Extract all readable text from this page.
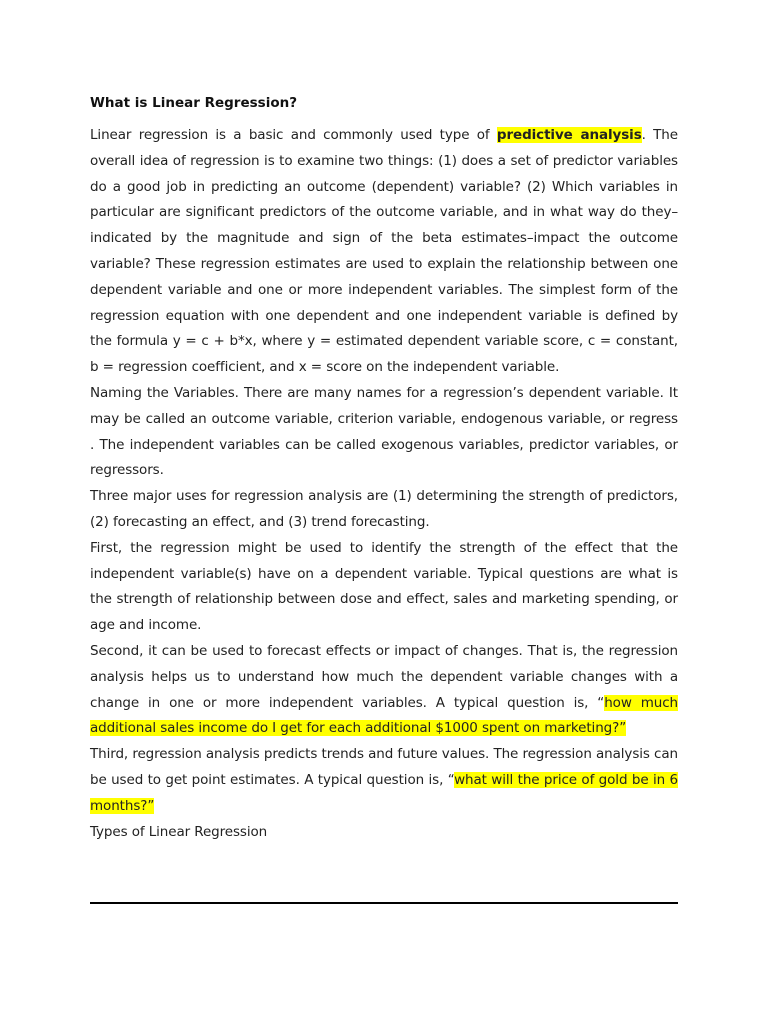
What is Linear Regression?

Linear regression is a basic and commonly used type of predictive analysis. The overall idea of regression is to examine two things: (1) does a set of predictor variables do a good job in predicting an outcome (dependent) variable? (2) Which variables in particular are significant predictors of the outcome variable, and in what way do they–indicated by the magnitude and sign of the beta estimates–impact the outcome variable? These regression estimates are used to explain the relationship between one dependent variable and one or more independent variables. The simplest form of the regression equation with one dependent and one independent variable is defined by the formula y = c + b*x, where y = estimated dependent variable score, c = constant, b = regression coefficient, and x = score on the independent variable.

Naming the Variables. There are many names for a regression’s dependent variable. It may be called an outcome variable, criterion variable, endogenous variable, or regress . The independent variables can be called exogenous variables, predictor variables, or regressors.

Three major uses for regression analysis are (1) determining the strength of predictors, (2) forecasting an effect, and (3) trend forecasting.

First, the regression might be used to identify the strength of the effect that the independent variable(s) have on a dependent variable. Typical questions are what is the strength of relationship between dose and effect, sales and marketing spending, or age and income.

Second, it can be used to forecast effects or impact of changes. That is, the regression analysis helps us to understand how much the dependent variable changes with a change in one or more independent variables. A typical question is, “how much additional sales income do I get for each additional $1000 spent on marketing?”

Third, regression analysis predicts trends and future values. The regression analysis can be used to get point estimates. A typical question is, “what will the price of gold be in 6 months?”

Types of Linear Regression
